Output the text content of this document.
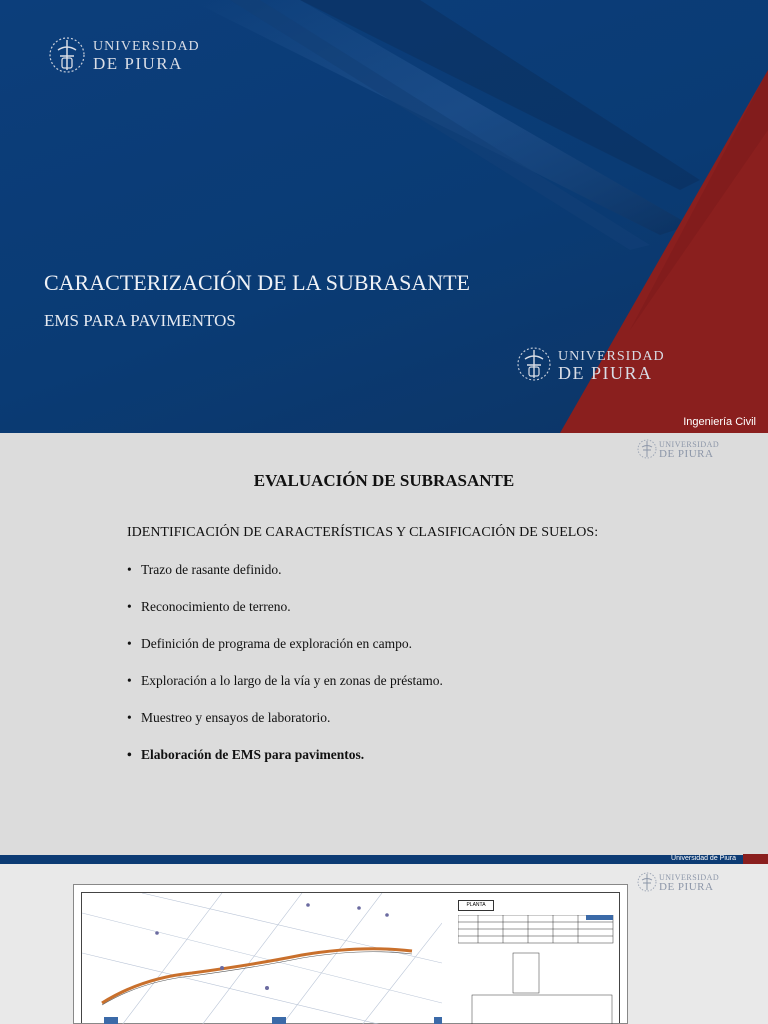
UNIVERSIDAD
DE PIURA
CARACTERIZACIÓN DE LA SUBRASANTE
EMS PARA PAVIMENTOS
UNIVERSIDAD
DE PIURA
Ingeniería Civil
UNIVERSIDAD
DE PIURA
EVALUACIÓN DE SUBRASANTE
IDENTIFICACIÓN DE CARACTERÍSTICAS Y CLASIFICACIÓN DE SUELOS:
• Trazo de rasante definido.
• Reconocimiento de terreno.
• Definición de programa de exploración en campo.
• Exploración a lo largo de la vía y en zonas de préstamo.
• Muestreo y ensayos de laboratorio.
• Elaboración de EMS para pavimentos.
Universidad de Piura
UNIVERSIDAD
DE PIURA
PLANTA
